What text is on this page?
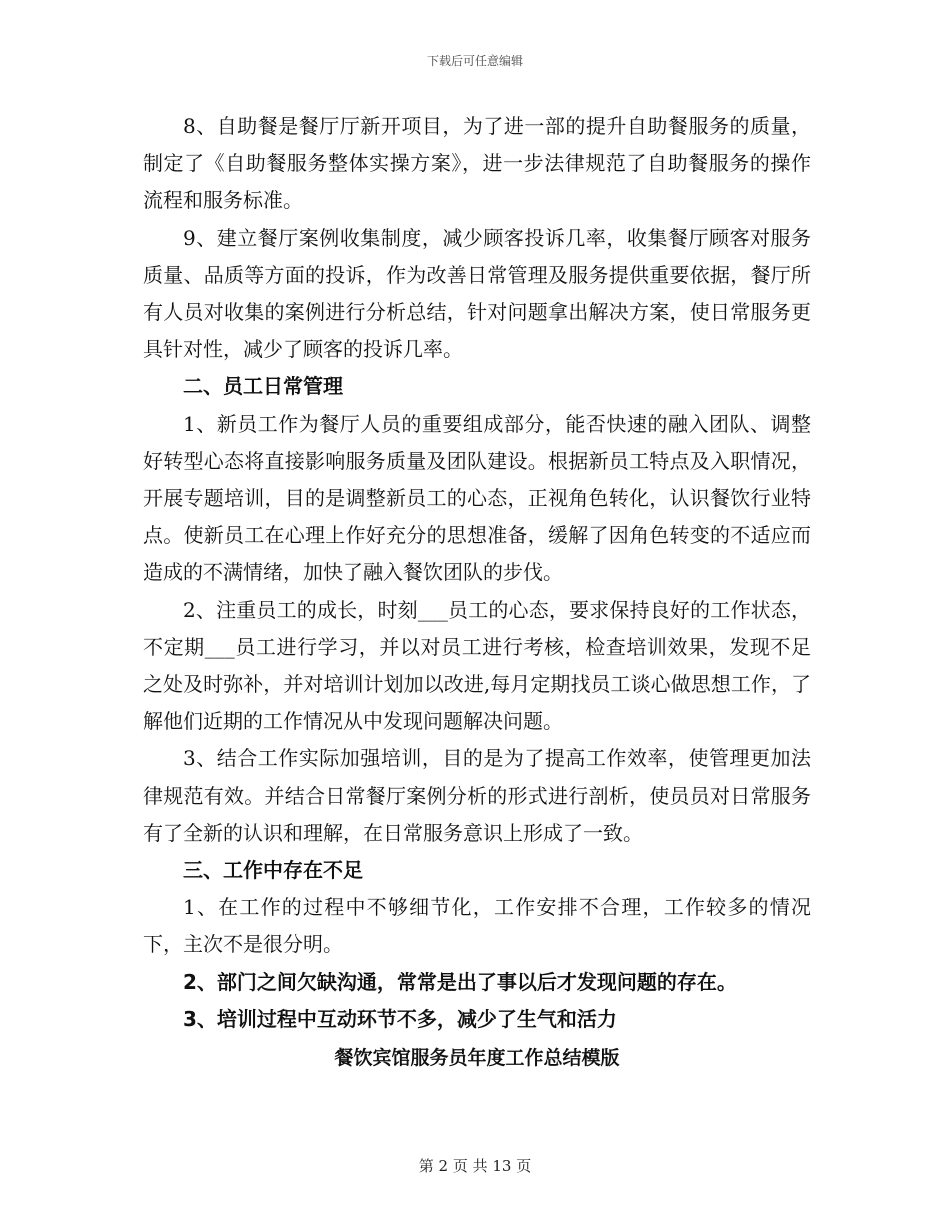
下载后可任意编辑

8、自助餐是餐厅厅新开项目，为了进一部的提升自助餐服务的质量，制定了《自助餐服务整体实操方案》，进一步法律规范了自助餐服务的操作流程和服务标准。

9、建立餐厅案例收集制度，减少顾客投诉几率，收集餐厅顾客对服务质量、品质等方面的投诉，作为改善日常管理及服务提供重要依据，餐厅所有人员对收集的案例进行分析总结，针对问题拿出解决方案，使日常服务更具针对性，减少了顾客的投诉几率。

二、员工日常管理

1、新员工作为餐厅人员的重要组成部分，能否快速的融入团队、调整好转型心态将直接影响服务质量及团队建设。根据新员工特点及入职情况，开展专题培训，目的是调整新员工的心态，正视角色转化，认识餐饮行业特点。使新员工在心理上作好充分的思想准备，缓解了因角色转变的不适应而造成的不满情绪，加快了融入餐饮团队的步伐。

2、注重员工的成长，时刻___员工的心态，要求保持良好的工作状态，不定期___员工进行学习，并以对员工进行考核，检查培训效果，发现不足之处及时弥补，并对培训计划加以改进,每月定期找员工谈心做思想工作，了解他们近期的工作情况从中发现问题解决问题。

3、结合工作实际加强培训，目的是为了提高工作效率，使管理更加法律规范有效。并结合日常餐厅案例分析的形式进行剖析，使员员对日常服务有了全新的认识和理解，在日常服务意识上形成了一致。

三、工作中存在不足

1、在工作的过程中不够细节化，工作安排不合理，工作较多的情况下，主次不是很分明。

2、部门之间欠缺沟通，常常是出了事以后才发现问题的存在。

3、培训过程中互动环节不多，减少了生气和活力

餐饮宾馆服务员年度工作总结模版

第 2 页 共 13 页
